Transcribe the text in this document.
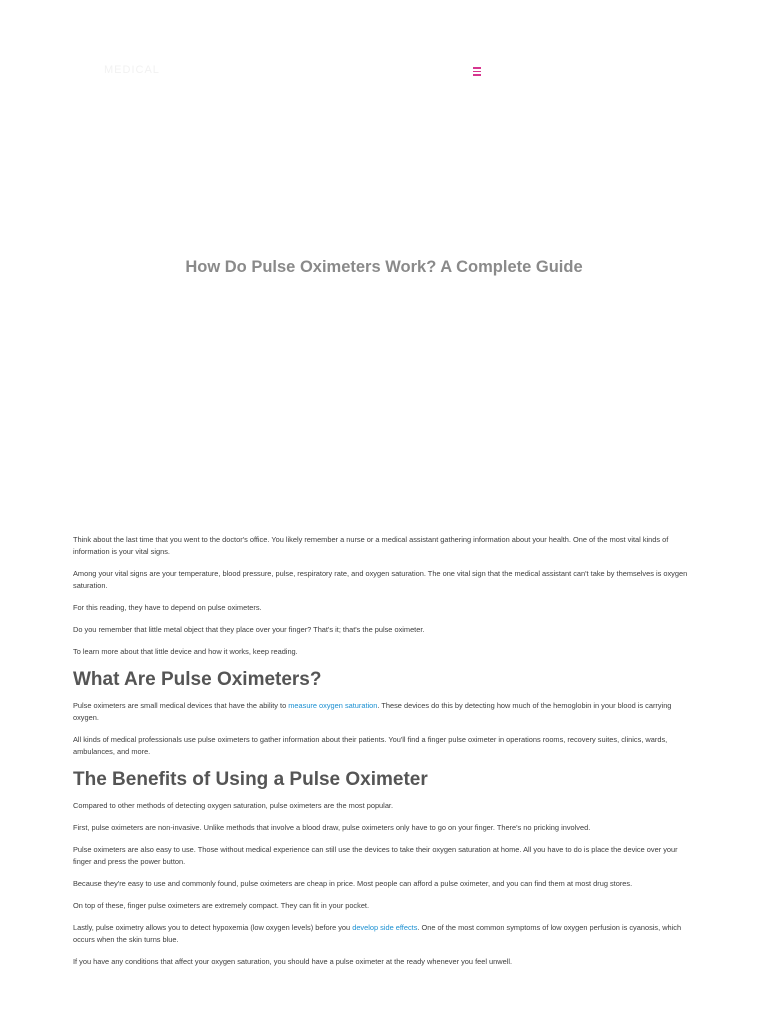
MEDICAL
How Do Pulse Oximeters Work? A Complete Guide

Think about the last time that you went to the doctor's office. You likely remember a nurse or a medical assistant gathering information about your health. One of the most vital kinds of information is your vital signs.

Among your vital signs are your temperature, blood pressure, pulse, respiratory rate, and oxygen saturation. The one vital sign that the medical assistant can't take by themselves is oxygen saturation.

For this reading, they have to depend on pulse oximeters.

Do you remember that little metal object that they place over your finger? That's it; that's the pulse oximeter.

To learn more about that little device and how it works, keep reading.

What Are Pulse Oximeters?

Pulse oximeters are small medical devices that have the ability to measure oxygen saturation. These devices do this by detecting how much of the hemoglobin in your blood is carrying oxygen.

All kinds of medical professionals use pulse oximeters to gather information about their patients. You'll find a finger pulse oximeter in operations rooms, recovery suites, clinics, wards, ambulances, and more.

The Benefits of Using a Pulse Oximeter

Compared to other methods of detecting oxygen saturation, pulse oximeters are the most popular.

First, pulse oximeters are non-invasive. Unlike methods that involve a blood draw, pulse oximeters only have to go on your finger. There's no pricking involved.

Pulse oximeters are also easy to use. Those without medical experience can still use the devices to take their oxygen saturation at home. All you have to do is place the device over your finger and press the power button.

Because they're easy to use and commonly found, pulse oximeters are cheap in price. Most people can afford a pulse oximeter, and you can find them at most drug stores.

On top of these, finger pulse oximeters are extremely compact. They can fit in your pocket.

Lastly, pulse oximetry allows you to detect hypoxemia (low oxygen levels) before you develop side effects. One of the most common symptoms of low oxygen perfusion is cyanosis, which occurs when the skin turns blue.

If you have any conditions that affect your oxygen saturation, you should have a pulse oximeter at the ready whenever you feel unwell.
